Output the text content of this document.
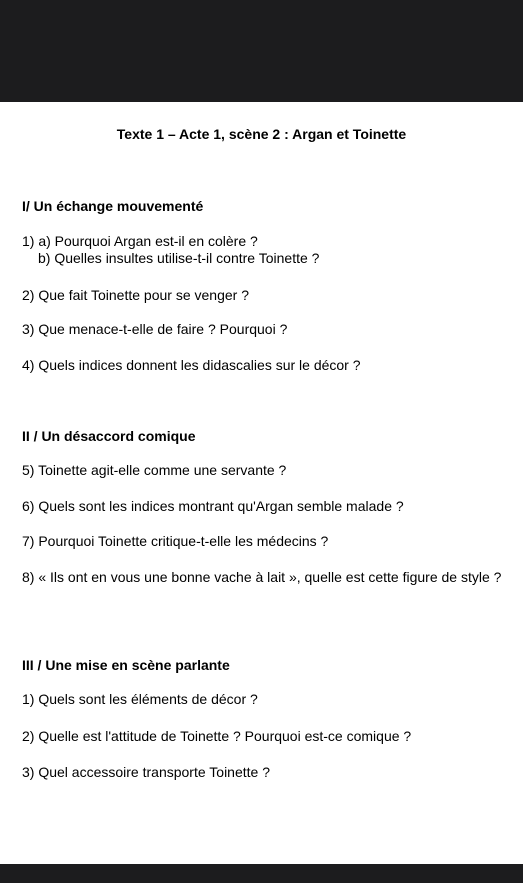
Texte 1 – Acte 1, scène 2 : Argan et Toinette
I/ Un échange mouvementé
1) a) Pourquoi Argan est-il en colère ?
b) Quelles insultes utilise-t-il contre Toinette ?
2) Que fait Toinette pour se venger ?
3) Que menace-t-elle de faire ? Pourquoi ?
4) Quels indices donnent les didascalies sur le décor ?
II / Un désaccord comique
5) Toinette agit-elle comme une servante ?
6) Quels sont les indices montrant qu'Argan semble malade ?
7) Pourquoi Toinette critique-t-elle les médecins ?
8) « Ils ont en vous une bonne vache à lait », quelle est cette figure de style ?
III / Une mise en scène parlante
1) Quels sont les éléments de décor ?
2) Quelle est l'attitude de Toinette ? Pourquoi est-ce comique ?
3) Quel accessoire transporte Toinette ?
